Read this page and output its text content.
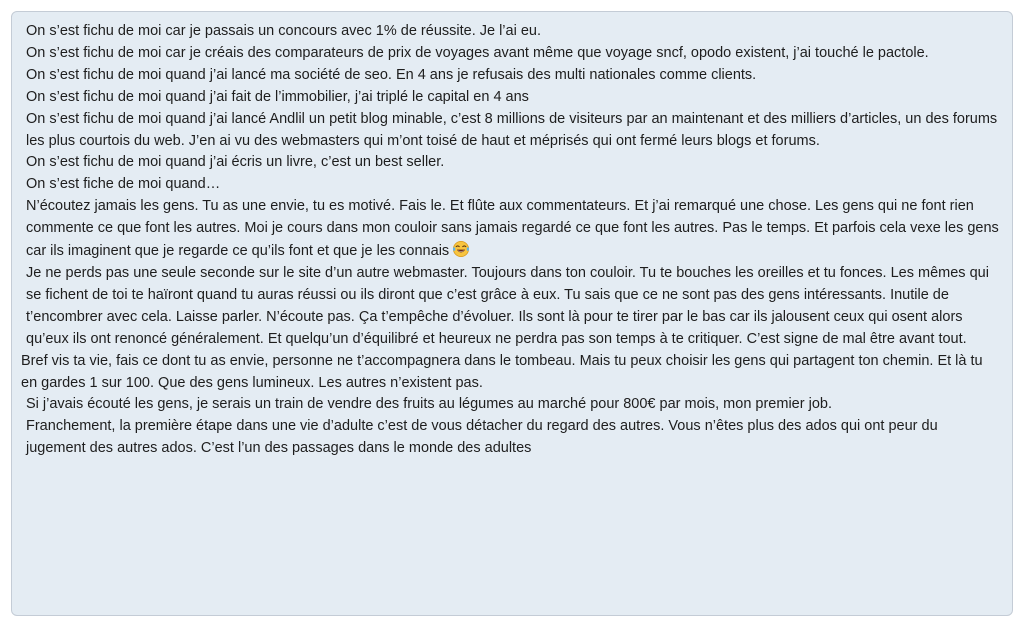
On s’est fichu de moi car je passais un concours avec 1% de réussite. Je l’ai eu.

On s’est fichu de moi car je créais des comparateurs de prix de voyages avant même que voyage sncf, opodo existent, j’ai touché le pactole.

On s’est fichu de moi quand j’ai lancé ma société de seo. En 4 ans je refusais des multi nationales comme clients.

On s’est fichu de moi quand j’ai fait de l’immobilier, j’ai triplé le capital en 4 ans

On s’est fichu de moi quand j’ai lancé Andlil un petit blog minable, c’est 8 millions de visiteurs par an maintenant et des milliers d’articles, un des forums les plus courtois du web. J’en ai vu des webmasters qui m’ont toisé de haut et méprisés qui ont fermé leurs blogs et forums.

On s’est fichu de moi quand j’ai écris un livre, c’est un best seller.

On s’est fiche de moi quand…

N’écoutez jamais les gens. Tu as une envie, tu es motivé. Fais le. Et flûte aux commentateurs. Et j’ai remarqué une chose. Les gens qui ne font rien commente ce que font les autres. Moi je cours dans mon couloir sans jamais regardé ce que font les autres. Pas le temps. Et parfois cela vexe les gens car ils imaginent que je regarde ce qu’ils font et que je les connais

Je ne perds pas une seule seconde sur le site d’un autre webmaster. Toujours dans ton couloir. Tu te bouches les oreilles et tu fonces. Les mêmes qui se fichent de toi te haïront quand tu auras réussi ou ils diront que c’est grâce à eux. Tu sais que ce ne sont pas des gens intéressants. Inutile de t’encombrer avec cela. Laisse parler. N’écoute pas. Ça t’empêche d’évoluer. Ils sont là pour te tirer par le bas car ils jalousent ceux qui osent alors qu’eux ils ont renoncé généralement. Et quelqu’un d’équilibré et heureux ne perdra pas son temps à te critiquer. C’est signe de mal être avant tout.

Bref vis ta vie, fais ce dont tu as envie, personne ne t’accompagnera dans le tombeau. Mais tu peux choisir les gens qui partagent ton chemin. Et là tu en gardes 1 sur 100. Que des gens lumineux. Les autres n’existent pas.

Si j’avais écouté les gens, je serais un train de vendre des fruits au légumes au marché pour 800€ par mois, mon premier job.

Franchement, la première étape dans une vie d’adulte c’est de vous détacher du regard des autres. Vous n’êtes plus des ados qui ont peur du jugement des autres ados. C’est l’un des passages dans le monde des adultes
